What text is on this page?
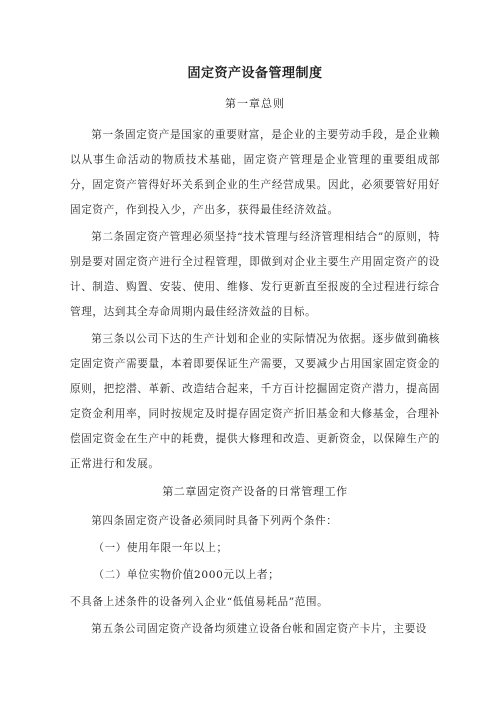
固定资产设备管理制度
第一章总则

第一条固定资产是国家的重要财富，是企业的主要劳动手段，是企业赖以从事生命活动的物质技术基础，固定资产管理是企业管理的重要组成部分，固定资产管得好坏关系到企业的生产经营成果。因此，必须要管好用好固定资产，作到投入少，产出多，获得最佳经济效益。

第二条固定资产管理必须坚持“技术管理与经济管理相结合”的原则，特别是要对固定资产进行全过程管理，即做到对企业主要生产用固定资产的设计、制造、购置、安装、使用、维修、发行更新直至报废的全过程进行综合管理，达到其全寿命周期内最佳经济效益的目标。

第三条以公司下达的生产计划和企业的实际情况为依据。逐步做到确核定固定资产需要量，本着即要保证生产需要，又要减少占用国家固定资金的原则，把挖潜、革新、改造结合起来，千方百计挖掘固定资产潜力，提高固定资金利用率，同时按规定及时提存固定资产折旧基金和大修基金，合理补偿固定资金在生产中的耗费，提供大修理和改造、更新资金，以保障生产的正常进行和发展。

第二章固定资产设备的日常管理工作

第四条固定资产设备必须同时具备下列两个条件：

（一）使用年限一年以上；

（二）单位实物价值2000元以上者；

不具备上述条件的设备列入企业“低值易耗品”范围。

第五条公司固定资产设备均须建立设备台帐和固定资产卡片，主要设
